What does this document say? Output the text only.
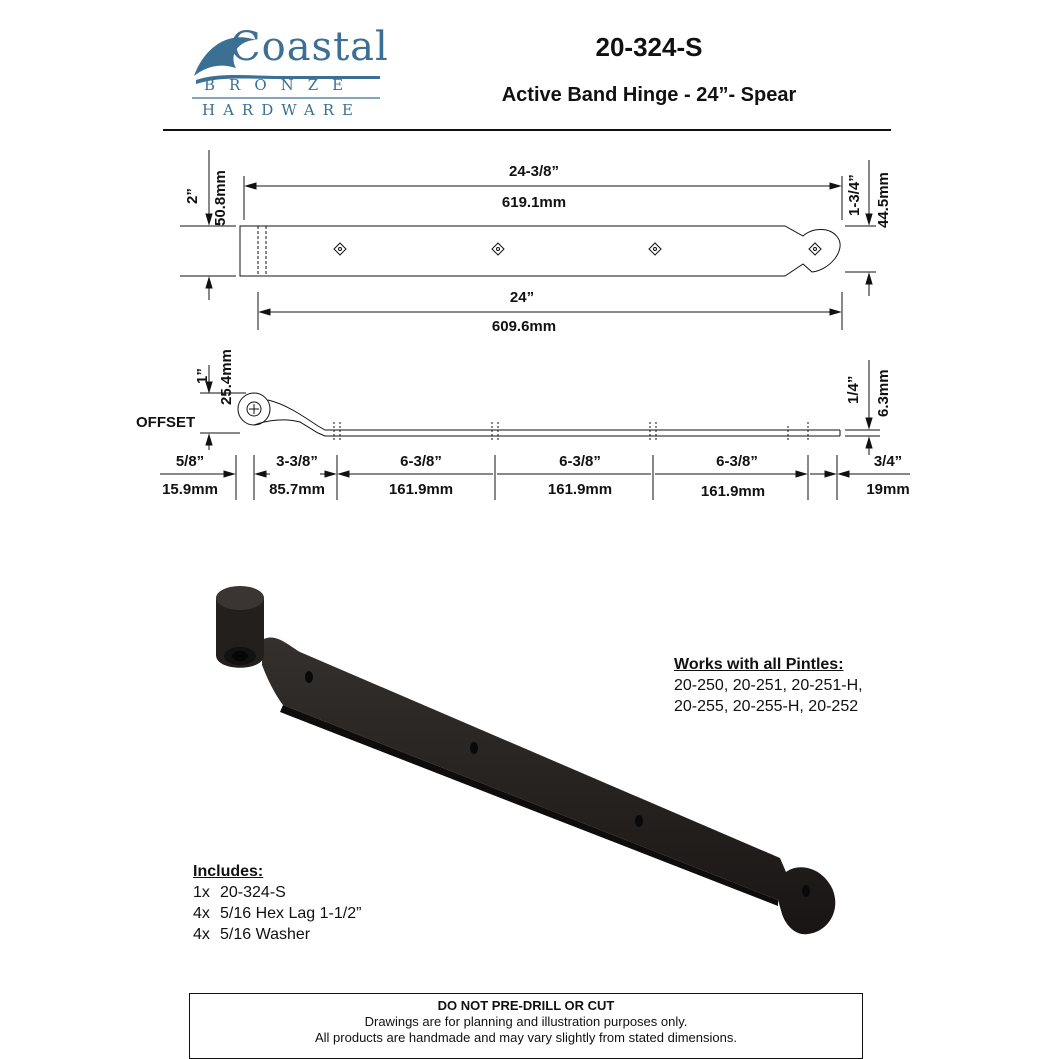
Coastal
BRONZE
HARDWARE
20-324-S
Active Band Hinge - 24”- Spear
24-3/8”
619.1mm
24”
609.6mm
2” 50.8mm	1-3/4” 44.5mm
OFFSET
1” 25.4mm	1/4” 6.3mm
5/8”
15.9mm
3-3/8”
85.7mm
6-3/8”
161.9mm
6-3/8”
161.9mm
6-3/8”
161.9mm
3/4”
19mm
Works with all Pintles:
20-250, 20-251, 20-251-H,
20-255, 20-255-H, 20-252
Includes:
1x 20-324-S
4x 5/16 Hex Lag 1-1/2”
4x 5/16 Washer
DO NOT PRE-DRILL OR CUT
Drawings are for planning and illustration purposes only.
All products are handmade and may vary slightly from stated dimensions.
